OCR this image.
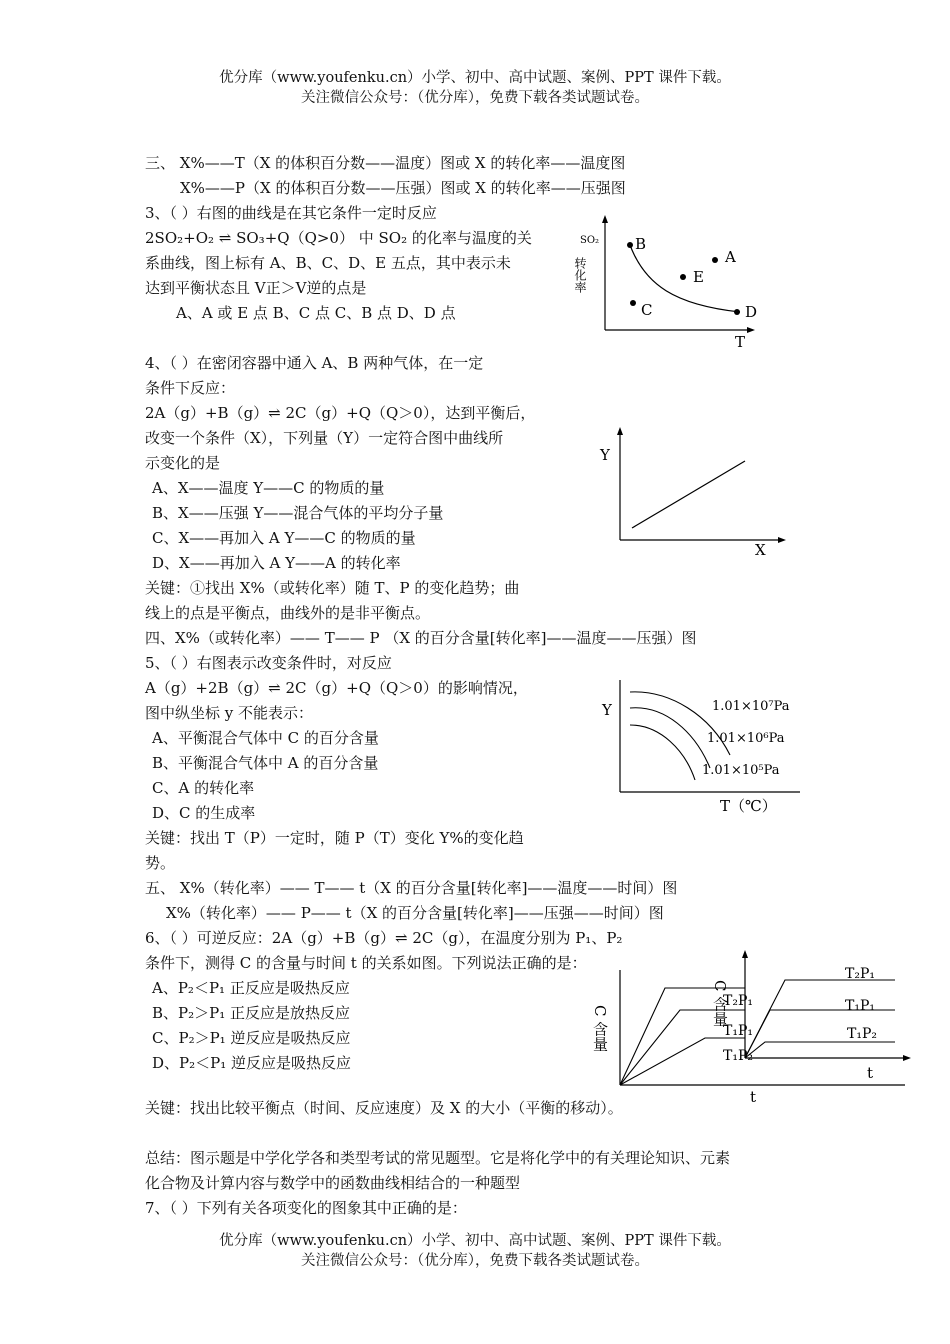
优分库（www.youfenku.cn）小学、初中、高中试题、案例、PPT 课件下载。
关注微信公众号：（优分库），免费下载各类试题试卷。
三、 X%——T（X 的体积百分数——温度）图或 X 的转化率——温度图
X%——P（X 的体积百分数——压强）图或 X 的转化率——压强图
3、（ ）右图的曲线是在其它条件一定时反应
2SO₂+O₂ ⇌ SO₃+Q（Q>0） 中 SO₂ 的化率与温度的关
系曲线，图上标有 A、B、C、D、E 五点，其中表示未
达到平衡状态且 V正＞V逆的点是
A、A 或 E 点 B、C 点 C、B 点 D、D 点
B
A
E
C	D
SO₂
转化率
T
4、（ ）在密闭容器中通入 A、B 两种气体，在一定
条件下反应：
2A（g）+B（g）⇌ 2C（g）+Q（Q＞0），达到平衡后，
改变一个条件（X），下列量（Y）一定符合图中曲线所
示变化的是
A、X——温度 Y——C 的物质的量
B、X——压强 Y——混合气体的平均分子量
C、X——再加入 A Y——C 的物质的量
D、X——再加入 A Y——A 的转化率
关键：①找出 X%（或转化率）随 T、P 的变化趋势；曲
线上的点是平衡点，曲线外的是非平衡点。
Y
X
四、X%（或转化率）—— T—— P （X 的百分含量[转化率]——温度——压强）图
5、（ ）右图表示改变条件时，对反应
A（g）+2B（g）⇌ 2C（g）+Q（Q＞0）的影响情况，
图中纵坐标 y 不能表示：
A、平衡混合气体中 C 的百分含量
B、平衡混合气体中 A 的百分含量
C、A 的转化率
D、C 的生成率
关键：找出 T（P）一定时，随 P（T）变化 Y%的变化趋
势。
Y
T（℃）
1.01×10⁷Pa
1.01×10⁶Pa
1.01×10⁵Pa
五、 X%（转化率）—— T—— t（X 的百分含量[转化率]——温度——时间）图
X%（转化率）—— P—— t（X 的百分含量[转化率]——压强——时间）图
6、（ ）可逆反应：2A（g）+B（g）⇌ 2C（g），在温度分别为 P₁、P₂
条件下，测得 C 的含量与时间 t 的关系如图。下列说法正确的是：
A、P₂＜P₁ 正反应是吸热反应
B、P₂＞P₁ 正反应是放热反应
C、P₂＞P₁ 逆反应是吸热反应
D、P₂＜P₁ 逆反应是吸热反应
C 含量
C 含量
t
t
T₂P₁
T₁P₁
T₁P₂
T₂P₁
T₁P₁
T₁P₂
关键：找出比较平衡点（时间、反应速度）及 X 的大小（平衡的移动）。
总结：图示题是中学化学各和类型考试的常见题型。它是将化学中的有关理论知识、元素
化合物及计算内容与数学中的函数曲线相结合的一种题型
7、（ ）下列有关各项变化的图象其中正确的是：
优分库（www.youfenku.cn）小学、初中、高中试题、案例、PPT 课件下载。
关注微信公众号：（优分库），免费下载各类试题试卷。
